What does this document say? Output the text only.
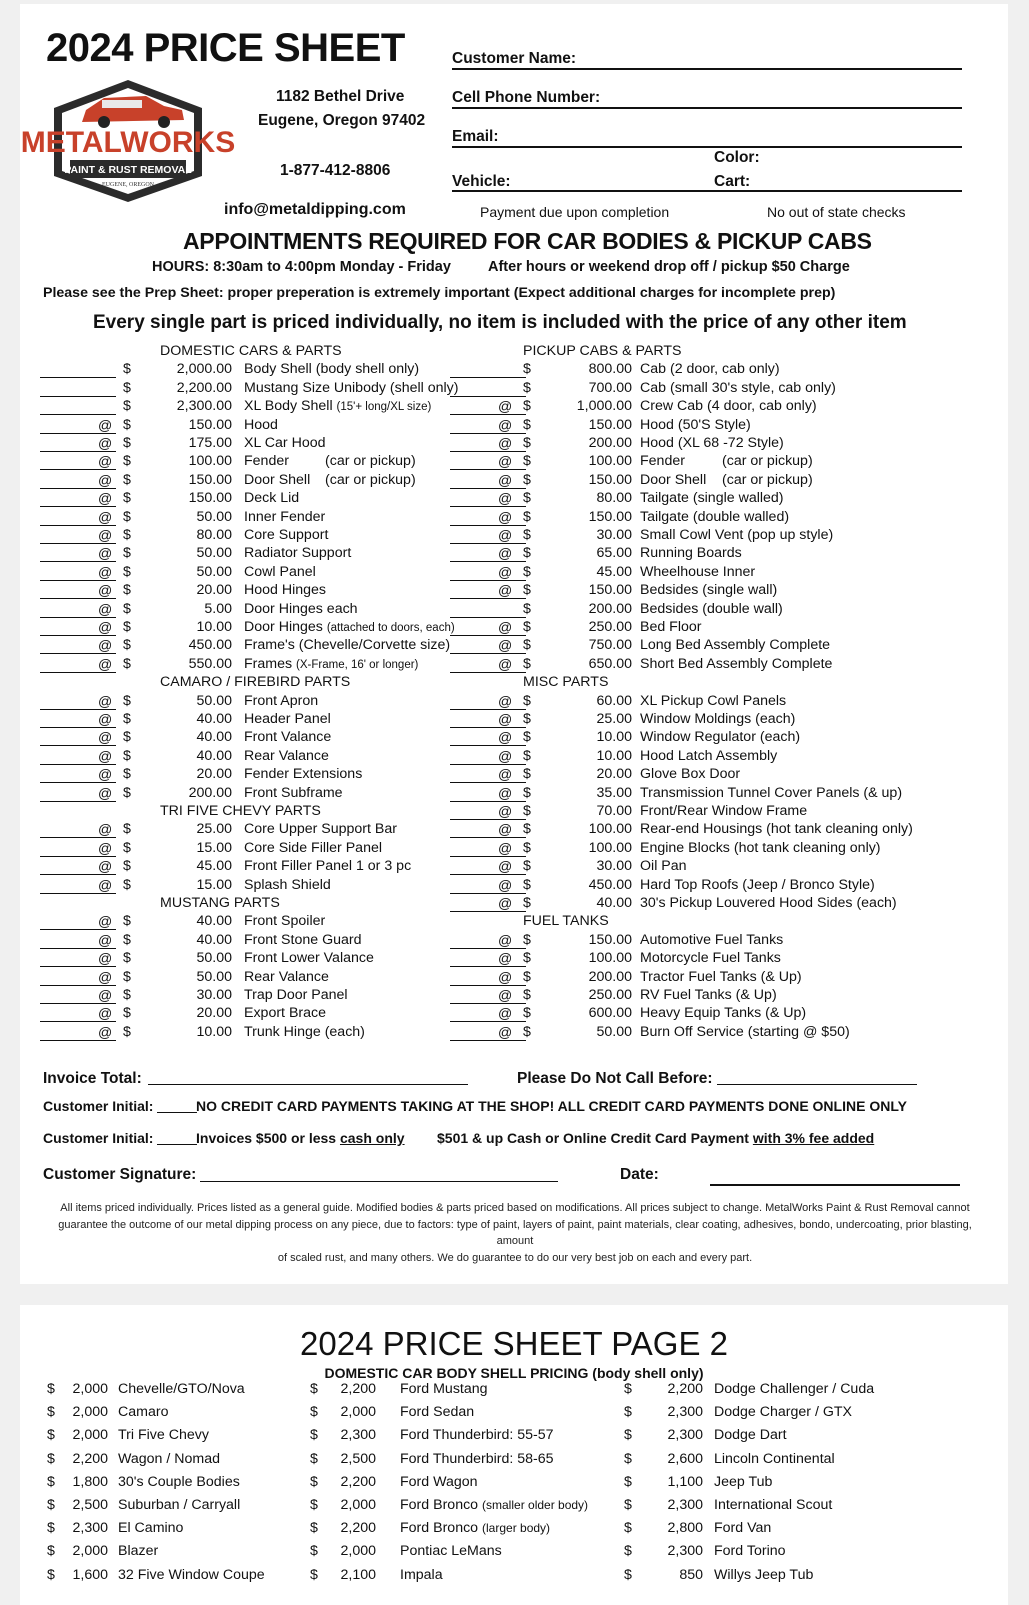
2024 PRICE SHEET
METALWORKS
PAINT & RUST REMOVAL
EUGENE, OREGON
1182 Bethel Drive
Eugene, Oregon 97402
1-877-412-8806
info@metaldipping.com
Customer Name:
Cell Phone Number:
Email:
Color:
Vehicle:	Cart:
Payment due upon completion	No out of state checks
APPOINTMENTS REQUIRED FOR CAR BODIES & PICKUP CABS
HOURS: 8:30am to 4:00pm Monday - Friday	After hours or weekend drop off / pickup $50 Charge
Please see the Prep Sheet: proper preperation is extremely important (Expect additional charges for incomplete prep)
Every single part is priced individually, no item is included with the price of any other item
DOMESTIC CARS & PARTS
$	2,000.00 Body Shell (body shell only)
$	2,200.00 Mustang Size Unibody (shell only)
$	2,300.00 XL Body Shell (15'+ long/XL size)
@ $	150.00 Hood
@ $	175.00 XL Car Hood
@ $	100.00 Fender	(car or pickup)
@ $	150.00 Door Shell (car or pickup)
@ $	150.00 Deck Lid
@ $	50.00 Inner Fender
@ $	80.00 Core Support
@ $	50.00 Radiator Support
@ $	50.00 Cowl Panel
@ $	20.00 Hood Hinges
@ $	5.00 Door Hinges each
@ $	10.00 Door Hinges (attached to doors, each)
@ $	450.00 Frame's (Chevelle/Corvette size)
@ $	550.00 Frames (X-Frame, 16' or longer)
CAMARO / FIREBIRD PARTS
@ $	50.00 Front Apron
@ $	40.00 Header Panel
@ $	40.00 Front Valance
@ $	40.00 Rear Valance
@ $	20.00 Fender Extensions
@ $	200.00 Front Subframe
TRI FIVE CHEVY PARTS
@ $	25.00 Core Upper Support Bar
@ $	15.00 Core Side Filler Panel
@ $	45.00 Front Filler Panel 1 or 3 pc
@ $	15.00 Splash Shield
MUSTANG PARTS
@ $	40.00 Front Spoiler
@ $	40.00 Front Stone Guard
@ $	50.00 Front Lower Valance
@ $	50.00 Rear Valance
@ $	30.00 Trap Door Panel
@ $	20.00 Export Brace
@ $	10.00 Trunk Hinge (each)
PICKUP CABS & PARTS
$	800.00 Cab (2 door, cab only)
$	700.00 Cab (small 30's style, cab only)
@ $	1,000.00 Crew Cab (4 door, cab only)
@ $	150.00 Hood (50'S Style)
@ $	200.00 Hood (XL 68 -72 Style)
@ $	100.00 Fender	(car or pickup)
@ $	150.00 Door Shell (car or pickup)
@ $	80.00 Tailgate (single walled)
@ $	150.00 Tailgate (double walled)
@ $	30.00 Small Cowl Vent (pop up style)
@ $	65.00 Running Boards
@ $	45.00 Wheelhouse Inner
@ $	150.00 Bedsides (single wall)
$	200.00 Bedsides (double wall)
@ $	250.00 Bed Floor
@ $	750.00 Long Bed Assembly Complete
@ $	650.00 Short Bed Assembly Complete
MISC PARTS
@ $	60.00 XL Pickup Cowl Panels
@ $	25.00 Window Moldings (each)
@ $	10.00 Window Regulator (each)
@ $	10.00 Hood Latch Assembly
@ $	20.00 Glove Box Door
@ $	35.00 Transmission Tunnel Cover Panels (& up)
@ $	70.00 Front/Rear Window Frame
@ $	100.00 Rear-end Housings (hot tank cleaning only)
@ $	100.00 Engine Blocks (hot tank cleaning only)
@ $	30.00 Oil Pan
@ $	450.00 Hard Top Roofs (Jeep / Bronco Style)
@ $	40.00 30's Pickup Louvered Hood Sides (each)
FUEL TANKS
@ $	150.00 Automotive Fuel Tanks
@ $	100.00 Motorcycle Fuel Tanks
@ $	200.00 Tractor Fuel Tanks (& Up)
@ $	250.00 RV Fuel Tanks (& Up)
@ $	600.00 Heavy Equip Tanks (& Up)
@ $	50.00 Burn Off Service (starting @ $50)
Invoice Total:	Please Do Not Call Before:
Customer Initial:	NO CREDIT CARD PAYMENTS TAKING AT THE SHOP! ALL CREDIT CARD PAYMENTS DONE ONLINE ONLY
Customer Initial:	Invoices $500 or less cash only $501 & up Cash or Online Credit Card Payment with 3% fee added
Customer Signature:	Date:
All items priced individually. Prices listed as a general guide. Modified bodies & parts priced based on modifications. All prices subject to change. MetalWorks Paint & Rust Removal cannot
guarantee the outcome of our metal dipping process on any piece, due to factors: type of paint, layers of paint, paint materials, clear coating, adhesives, bondo, undercoating, prior blasting, amount
of scaled rust, and many others. We do guarantee to do our very best job on each and every part.
2024 PRICE SHEET PAGE 2
DOMESTIC CAR BODY SHELL PRICING (body shell only)
$	2,000 Chevelle/GTO/Nova
$	2,000 Camaro
$	2,000 Tri Five Chevy
$	2,200 Wagon / Nomad
$	1,800 30's Couple Bodies
$	2,500 Suburban / Carryall
$	2,300 El Camino
$	2,000 Blazer
$	1,600 32 Five Window Coupe
$	2,200 Ford Mustang
$	2,000 Ford Sedan
$	2,300 Ford Thunderbird: 55-57
$	2,500 Ford Thunderbird: 58-65
$	2,200 Ford Wagon
$	2,000 Ford Bronco (smaller older body)
$	2,200 Ford Bronco (larger body)
$	2,000 Pontiac LeMans
$	2,100 Impala
$	2,200 Dodge Challenger / Cuda
$	2,300 Dodge Charger / GTX
$	2,300 Dodge Dart
$	2,600 Lincoln Continental
$	1,100 Jeep Tub
$	2,300 International Scout
$	2,800 Ford Van
$	2,300 Ford Torino
$	850 Willys Jeep Tub
